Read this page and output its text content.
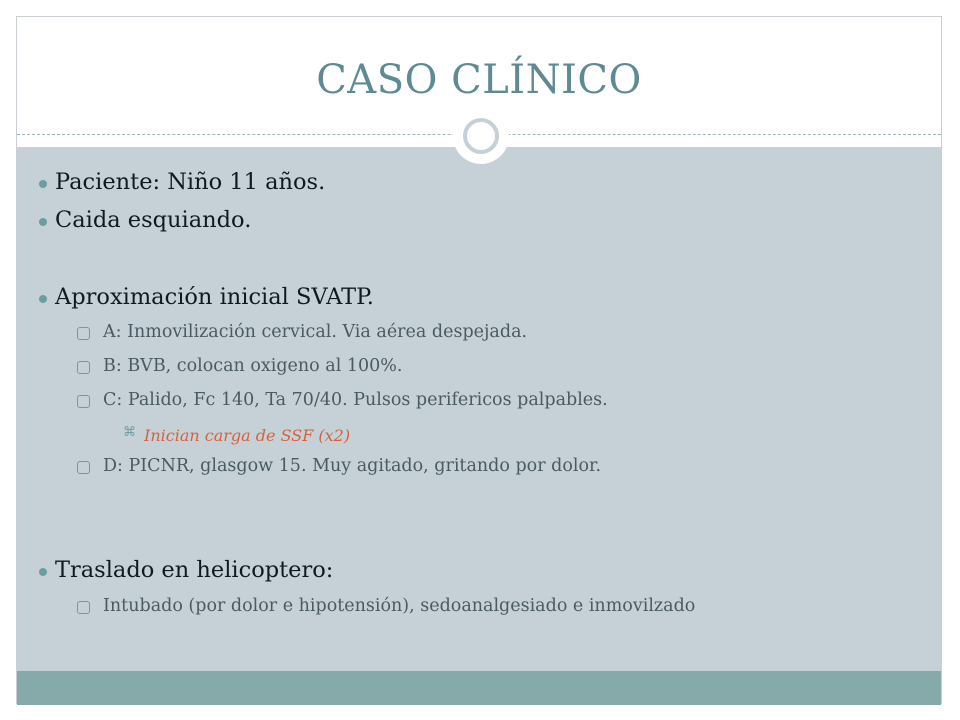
CASO CLÍNICO
Paciente: Niño 11 años.
Caida esquiando.
Aproximación inicial SVATP.
A: Inmovilización cervical. Via aérea despejada.
B: BVB, colocan oxigeno al 100%.
C: Palido, Fc 140, Ta 70/40. Pulsos perifericos palpables.
⌘ Inician carga de SSF (x2)
D: PICNR, glasgow 15. Muy agitado, gritando por dolor.
Traslado en helicoptero:
Intubado (por dolor e hipotensión), sedoanalgesiado e inmovilzado
